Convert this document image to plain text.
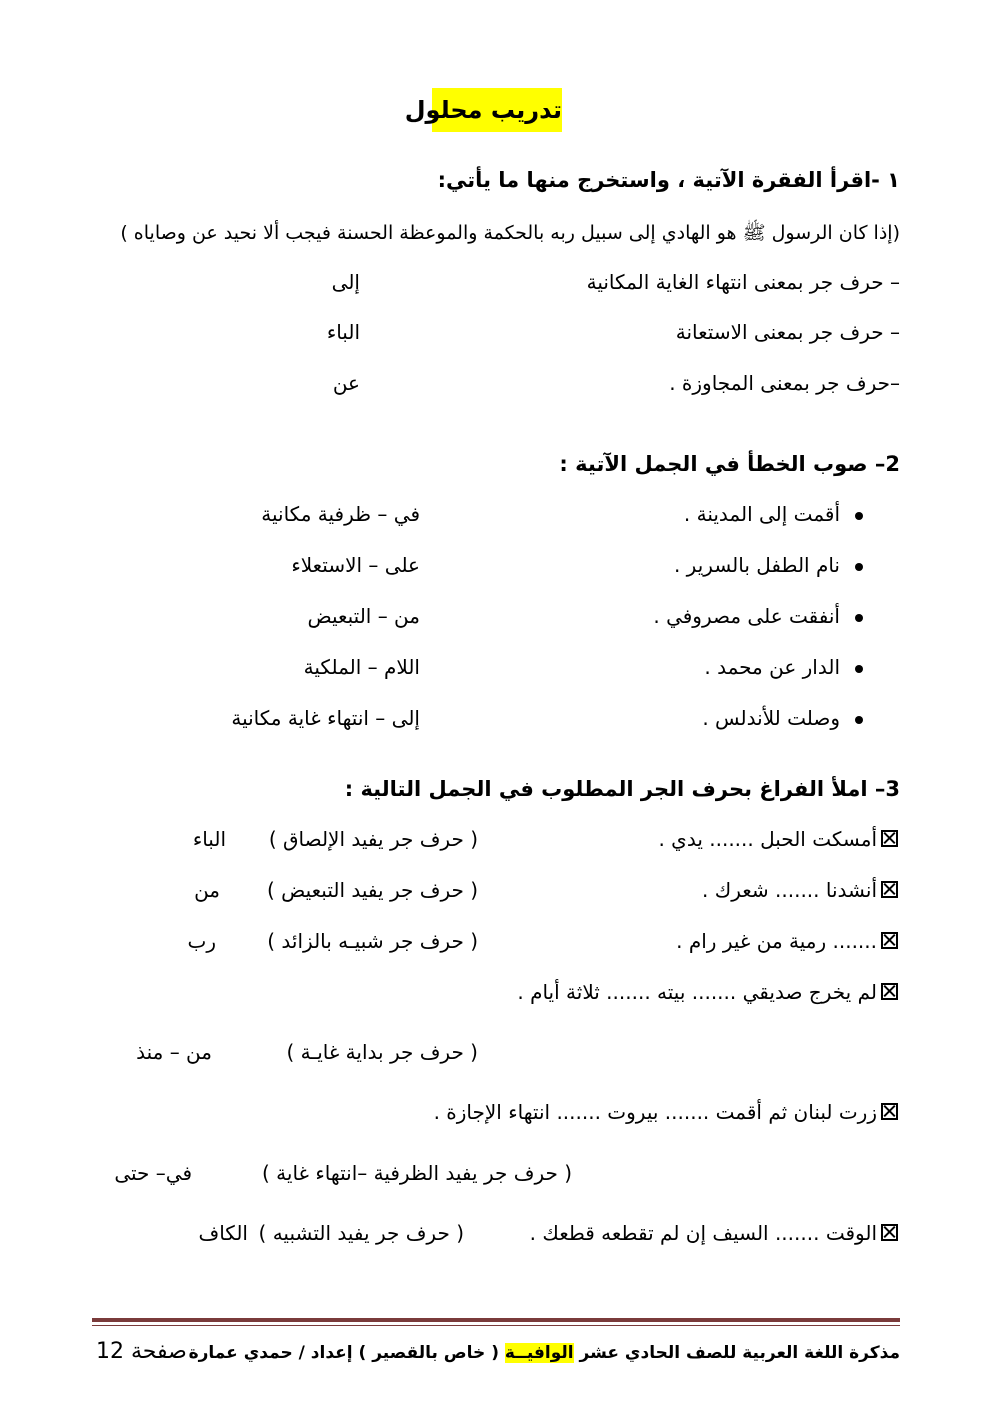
تدريب محلول
١ -اقرأ الفقرة الآتية ، واستخرج منها ما يأتي:
(إذا كان الرسول ﷺ هو الهادي إلى سبيل ربه بالحكمة والموعظة الحسنة فيجب ألا نحيد عن وصاياه )
– حرف جر بمعنى انتهاء الغاية المكانية
إلى
– حرف جر بمعنى الاستعانة
الباء
–حرف جر بمعنى المجاوزة .
عن
2– صوب الخطأ في الجمل الآتية :
أقمت إلى المدينة .
في – ظرفية مكانية
نام الطفل بالسرير .
على – الاستعلاء
أنفقت على مصروفي .
من – التبعيض
الدار عن محمد .
اللام – الملكية
وصلت للأندلس .
إلى – انتهاء غاية مكانية
3– املأ الفراغ بحرف الجر المطلوب في الجمل التالية :
أمسكت الحبل ....... يدي .
( حرف جر يفيد الإلصاق )
الباء
أنشدنا ....... شعرك .
( حرف جر يفيد التبعيض )
من
....... رمية من غير رام .
( حرف جر شبيـه بالزائد )
رب
لم يخرج صديقي ....... بيته ....... ثلاثة أيام .
( حرف جر بداية غايـة )
من – منذ
زرت لبنان ثم أقمت ....... بيروت ....... انتهاء الإجازة .
( حرف جر يفيد الظرفية –انتهاء غاية )
في– حتى
الوقت ....... السيف إن لم تقطعه قطعك .
( حرف جر يفيد التشبيه )
الكاف
مذكرة اللغة العربية للصف الحادي عشر الوافيــة ( خاص بالقصير ) إعداد / حمدي عمارة
صفحة 12
